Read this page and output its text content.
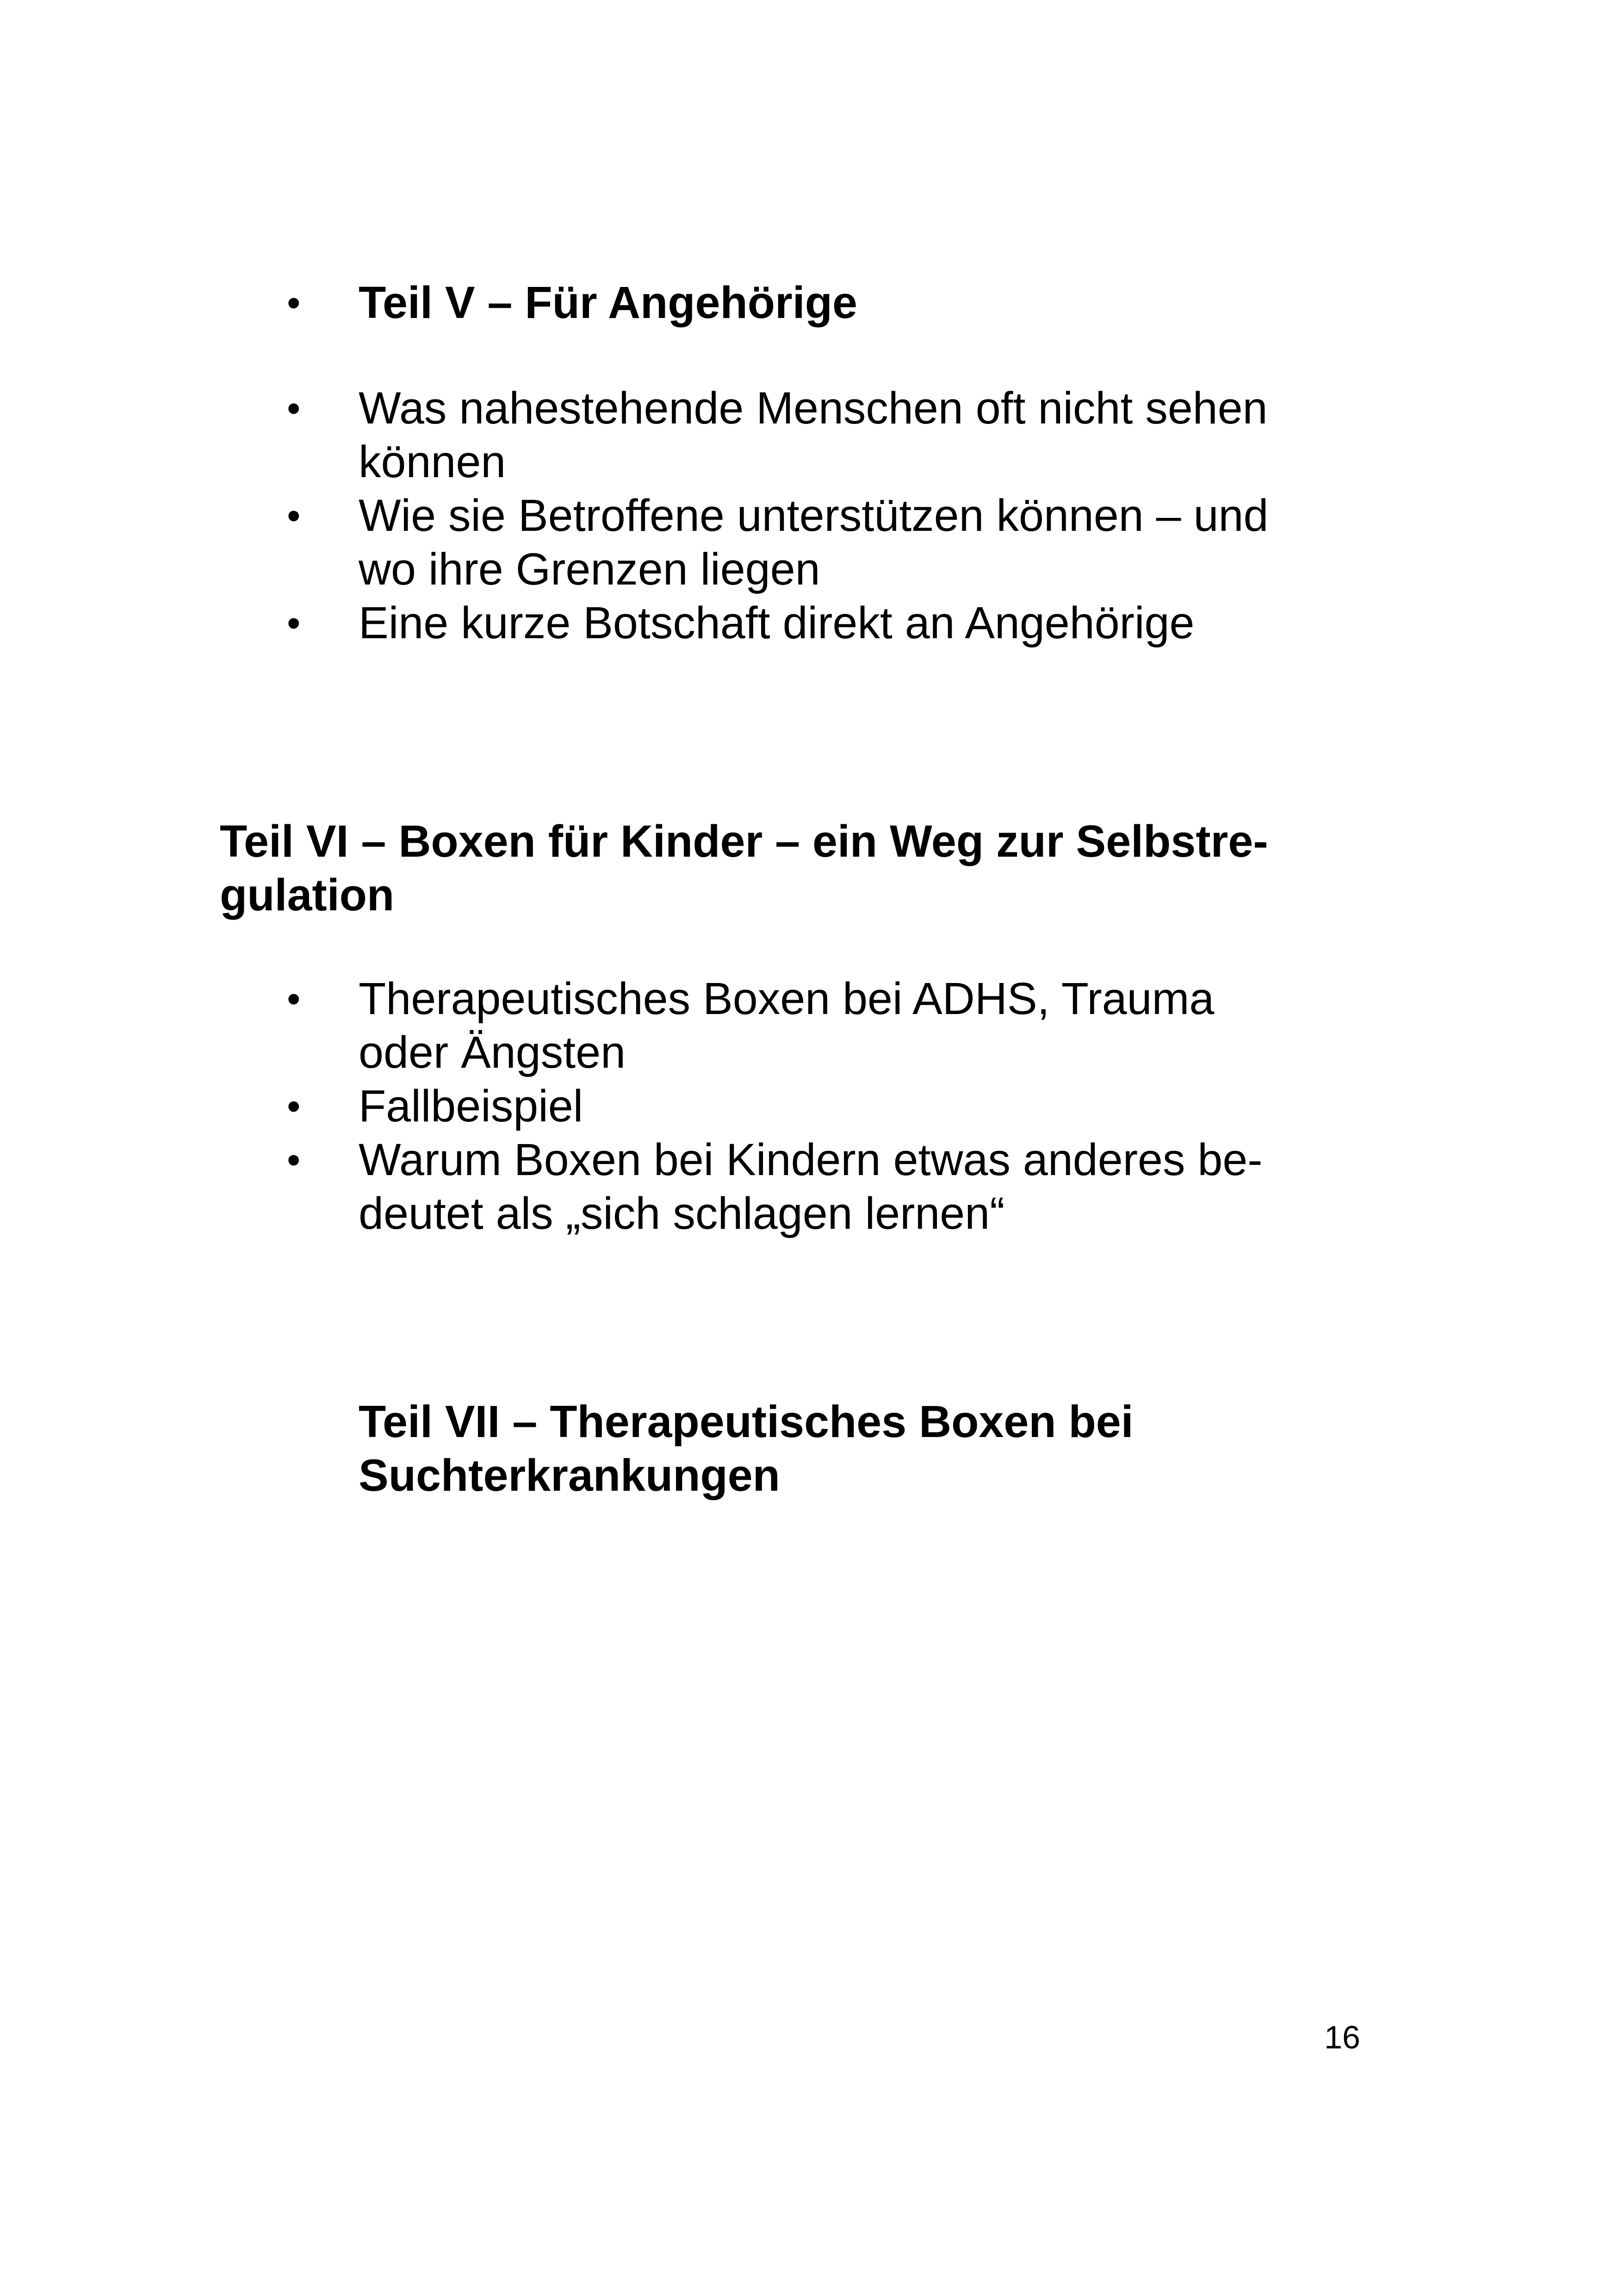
• Teil V – Für Angehörige
• Was nahestehende Menschen oft nicht sehen
können
• Wie sie Betroffene unterstützen können – und
wo ihre Grenzen liegen
• Eine kurze Botschaft direkt an Angehörige
Teil VI – Boxen für Kinder – ein Weg zur Selbstre-
gulation
• Therapeutisches Boxen bei ADHS, Trauma
oder Ängsten
• Fallbeispiel
• Warum Boxen bei Kindern etwas anderes be-
deutet als „sich schlagen lernen“
Teil VII – Therapeutisches Boxen bei
Suchterkrankungen
16
